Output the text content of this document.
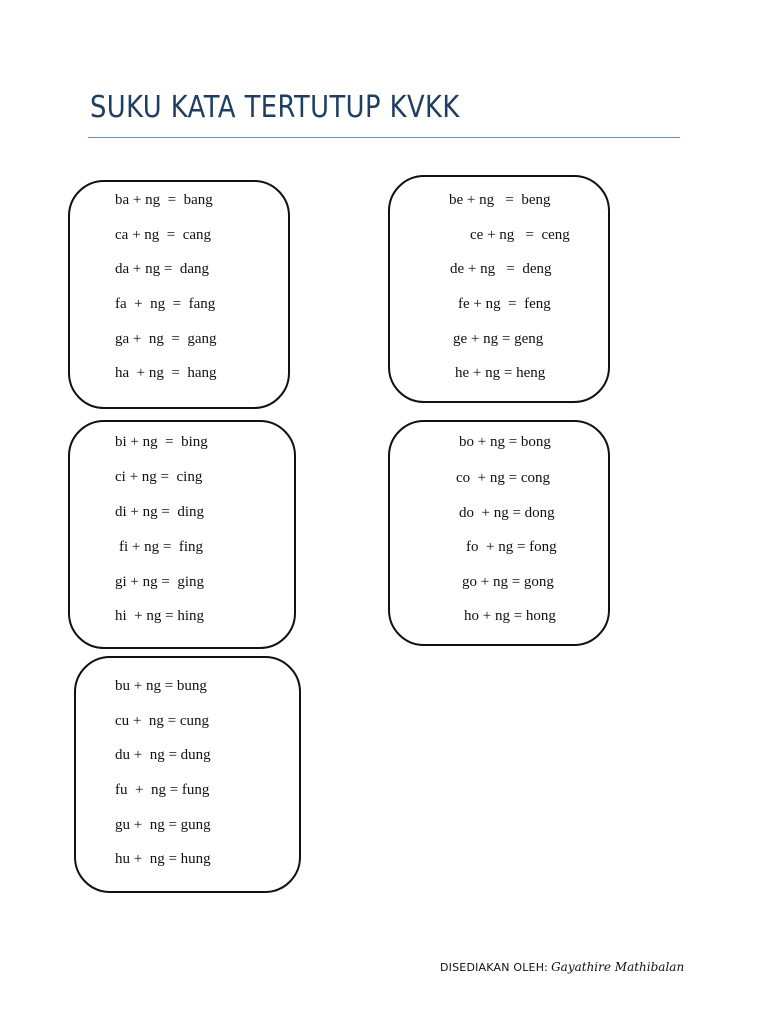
SUKU KATA TERTUTUP KVKK
ba + ng  =  bang
ca + ng  =  cang
da + ng =  dang
fa  +  ng  =  fang
ga +  ng  =  gang
ha  + ng  =  hang
be + ng   =  beng
ce + ng   =  ceng
de + ng   =  deng
fe + ng  =  feng
ge + ng = geng
he + ng = heng
bi + ng  =  bing
ci + ng =  cing
di + ng =  ding
fi + ng =  fing
gi + ng =  ging
hi  + ng = hing
bo + ng = bong
co  + ng = cong
do  + ng = dong
fo  + ng = fong
go + ng = gong
ho + ng = hong
bu + ng = bung
cu +  ng = cung
du +  ng = dung
fu  +  ng = fung
gu +  ng = gung
hu +  ng = hung
DISEDIAKAN OLEH: Gayathire Mathibalan
